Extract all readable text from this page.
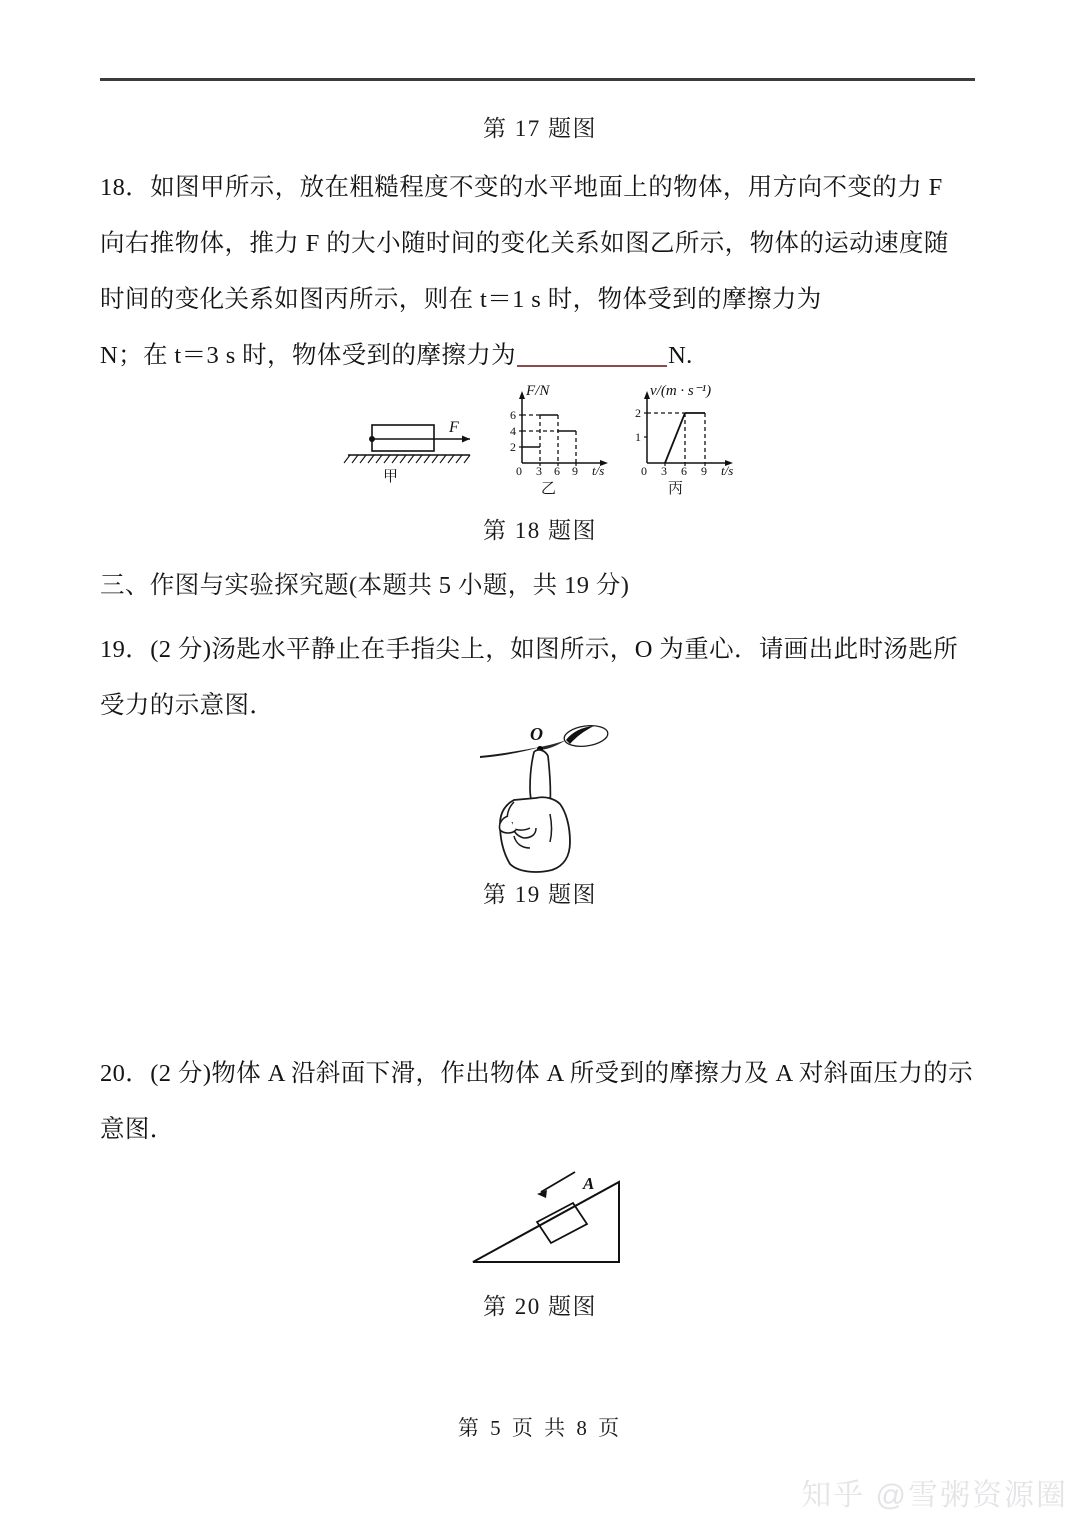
第 17 题图
18．如图甲所示，放在粗糙程度不变的水平地面上的物体，用方向不变的力 F
向右推物体，推力 F 的大小随时间的变化关系如图乙所示，物体的运动速度随
时间的变化关系如图丙所示，则在 t＝1 s 时，物体受到的摩擦力为
N；在 t＝3 s 时，物体受到的摩擦力为	N.
F
甲
F/N
2
4
6
0 3 6 9 t/s
乙
v/(m · s⁻¹)
1
2
0 3 6 9 t/s
丙
第 18 题图
三、作图与实验探究题(本题共 5 小题，共 19 分)
19．(2 分)汤匙水平静止在手指尖上，如图所示，O 为重心．请画出此时汤匙所
受力的示意图．
O
第 19 题图
20．(2 分)物体 A 沿斜面下滑，作出物体 A 所受到的摩擦力及 A 对斜面压力的示
意图．
A
第 20 题图
第 5 页 共 8 页
知乎 @雪粥资源圈
